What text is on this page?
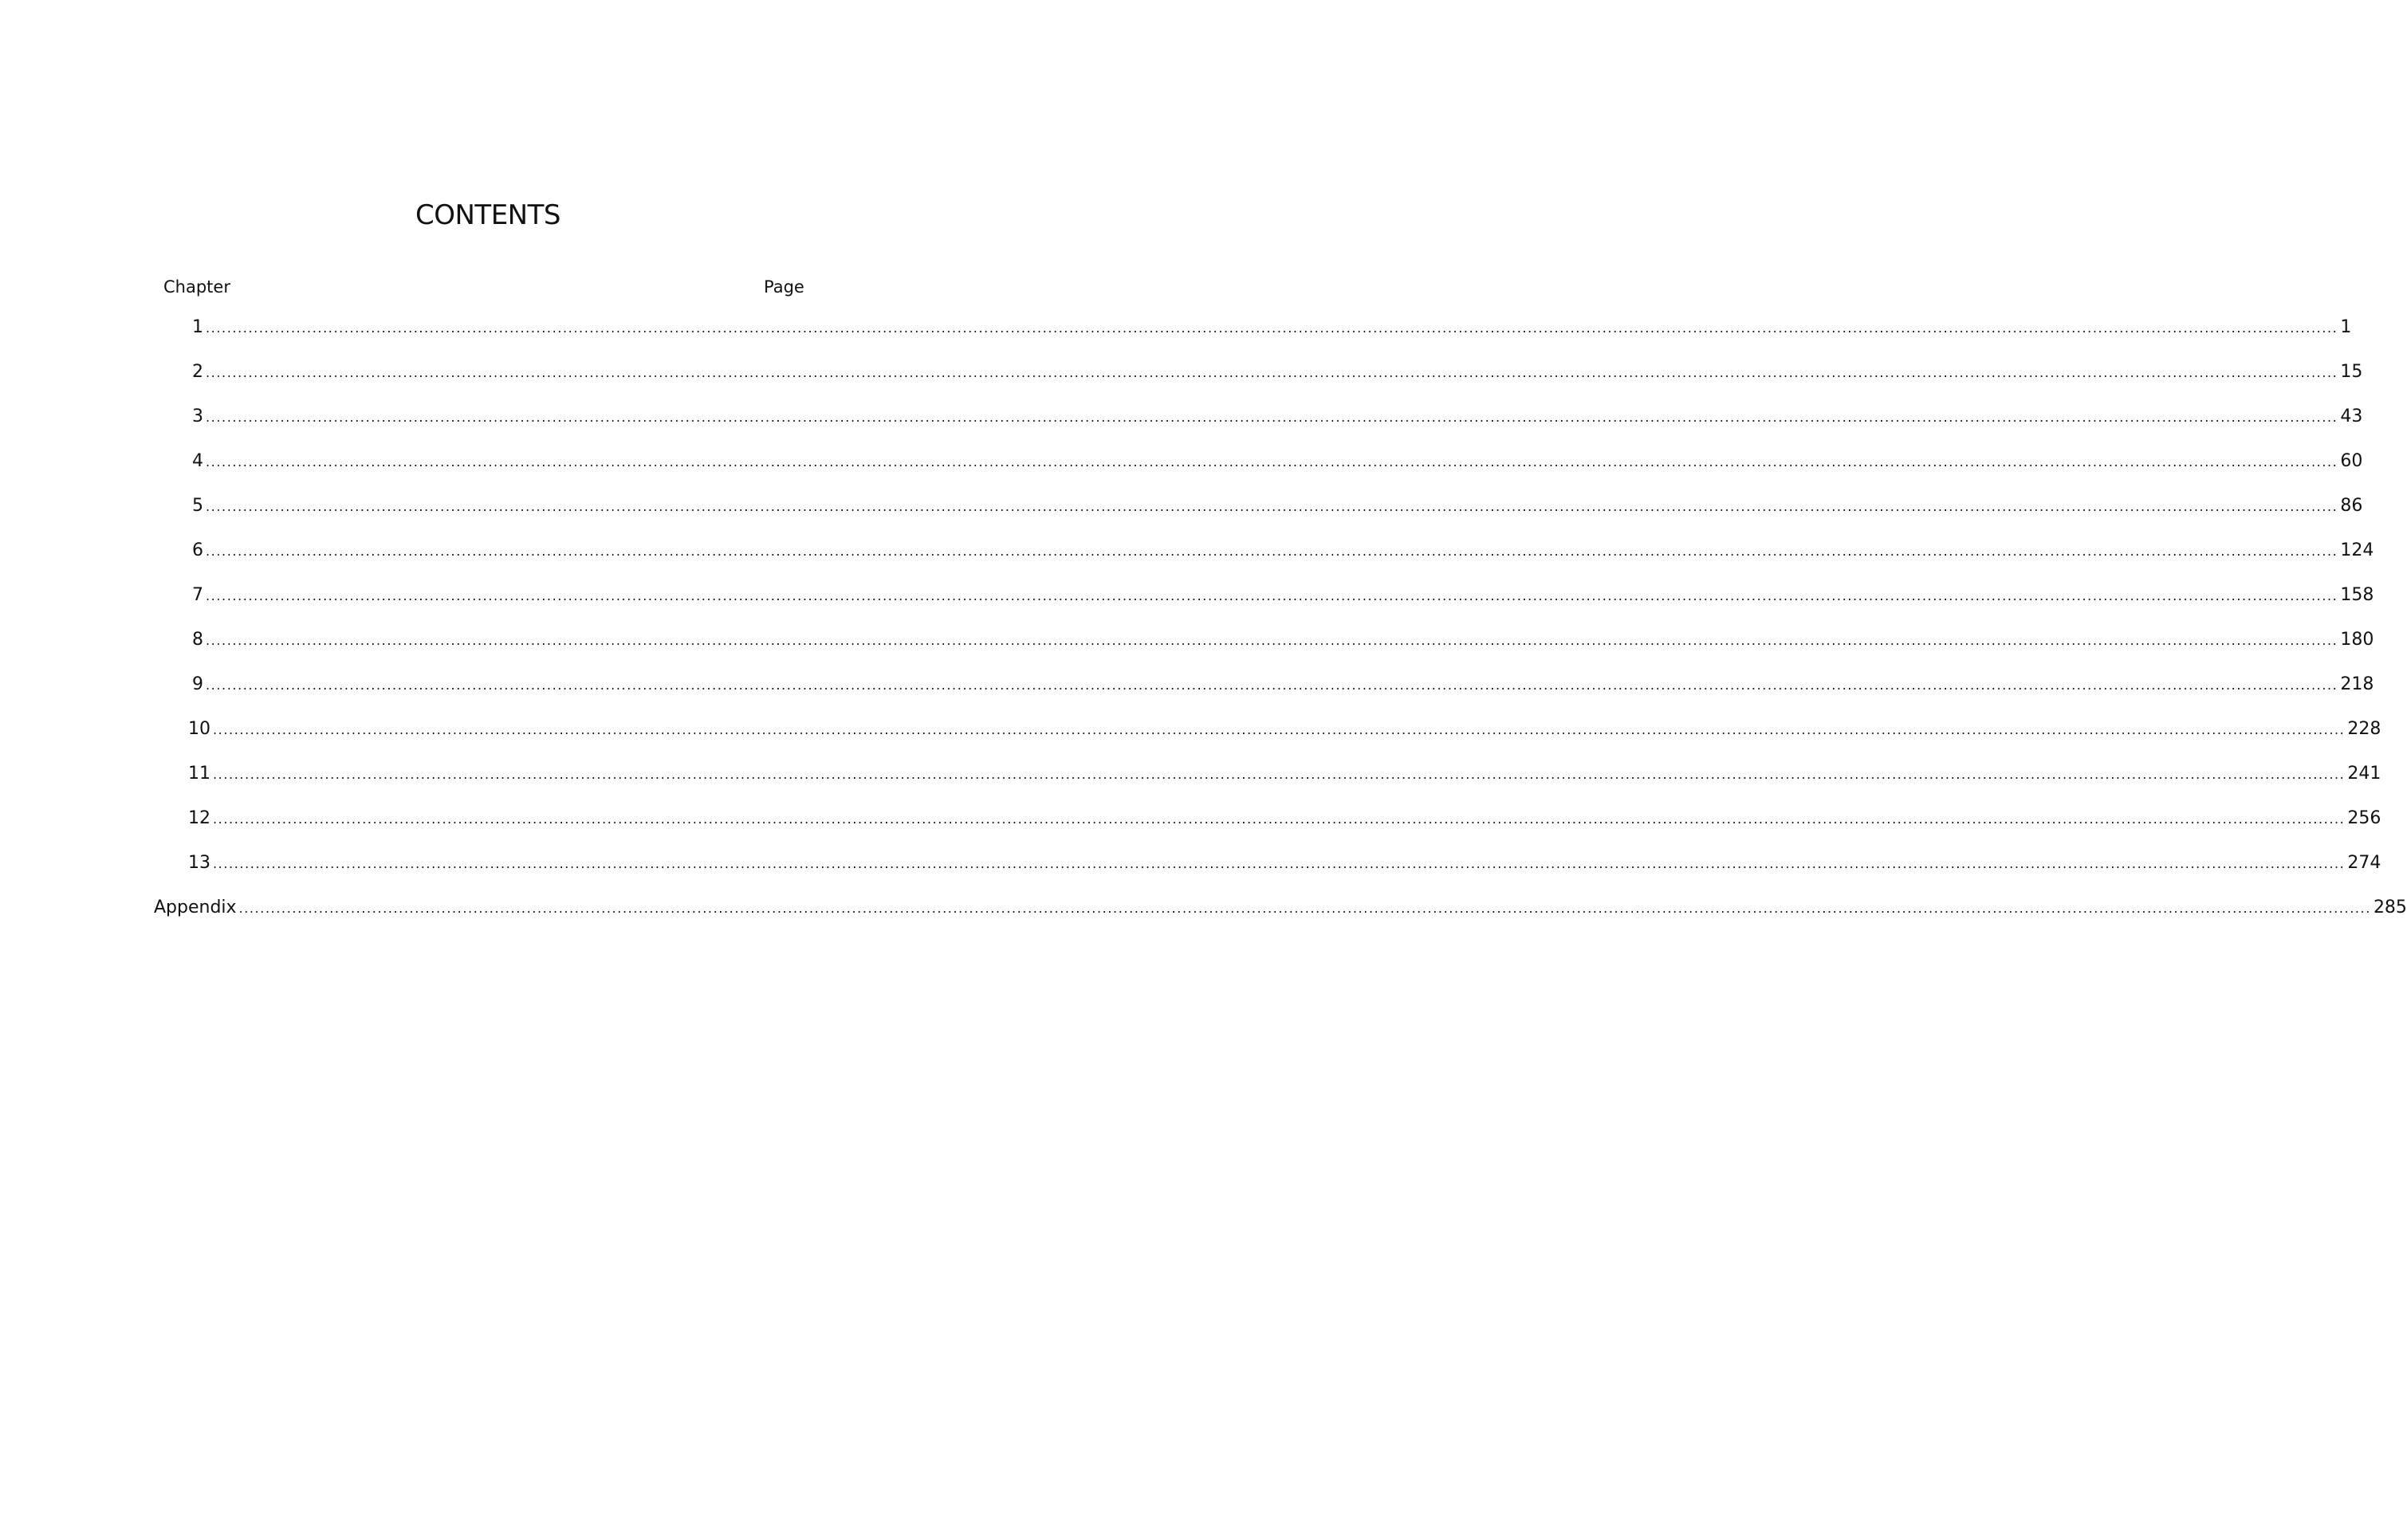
CONTENTS
Chapter	Page
1 ................................................................................................................................................................................................................................................................................................................................................................................................................ 1
2 ................................................................................................................................................................................................................................................................................................................................................................................................................ 15
3 ................................................................................................................................................................................................................................................................................................................................................................................................................ 43
4 ................................................................................................................................................................................................................................................................................................................................................................................................................ 60
5 ................................................................................................................................................................................................................................................................................................................................................................................................................ 86
6 ................................................................................................................................................................................................................................................................................................................................................................................................................ 124
7 ................................................................................................................................................................................................................................................................................................................................................................................................................ 158
8 ................................................................................................................................................................................................................................................................................................................................................................................................................ 180
9 ................................................................................................................................................................................................................................................................................................................................................................................................................ 218
10 ................................................................................................................................................................................................................................................................................................................................................................................................................ 228
11 ................................................................................................................................................................................................................................................................................................................................................................................................................ 241
12 ................................................................................................................................................................................................................................................................................................................................................................................................................ 256
13 ................................................................................................................................................................................................................................................................................................................................................................................................................ 274
Appendix ................................................................................................................................................................................................................................................................................................................................................................................................................ 285
